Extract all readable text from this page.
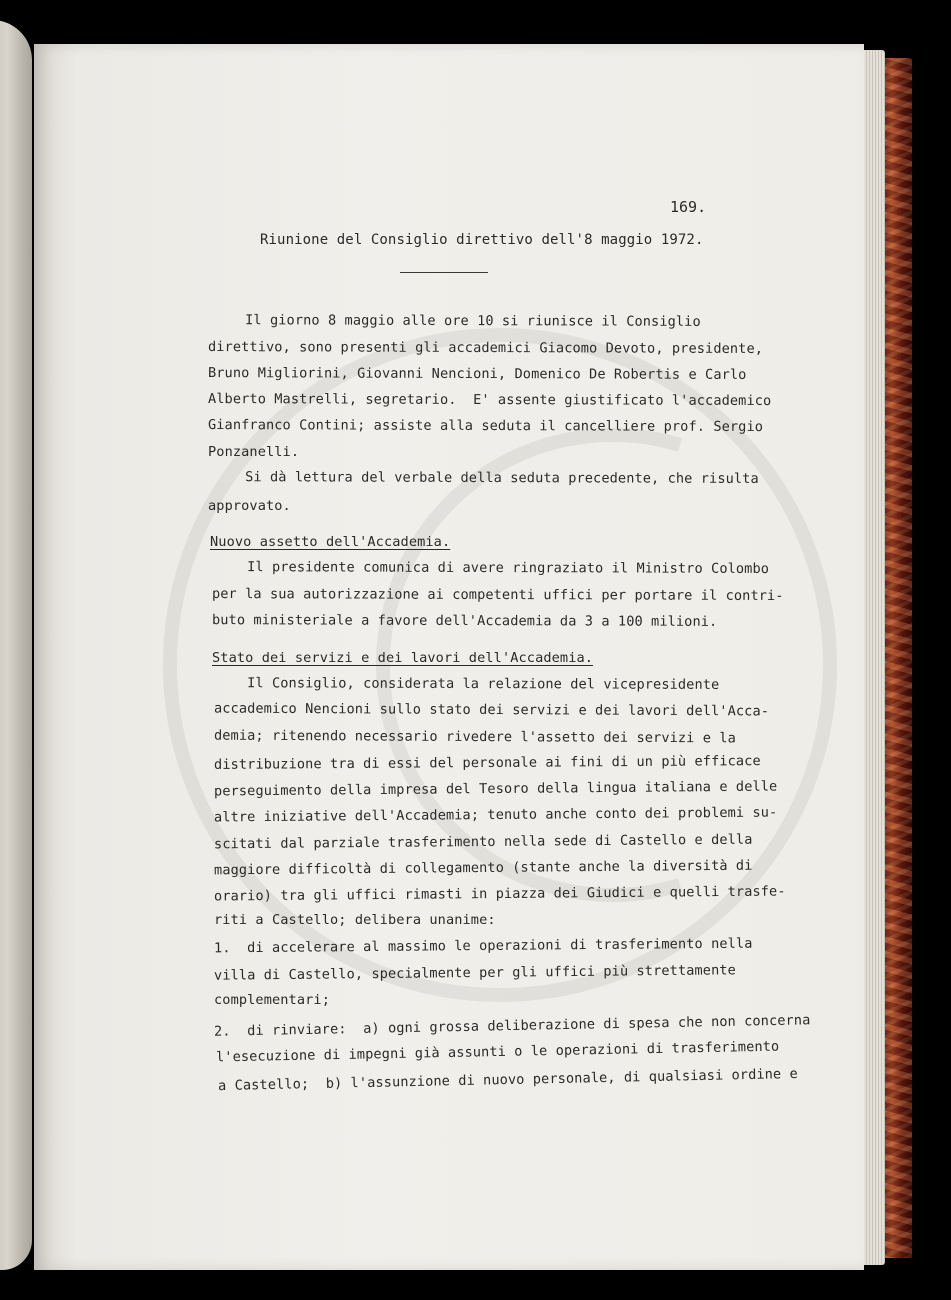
169.
Riunione del Consiglio direttivo dell'8 maggio 1972.
Il giorno 8 maggio alle ore 10 si riunisce il Consiglio
direttivo, sono presenti gli accademici Giacomo Devoto, presidente,
Bruno Migliorini, Giovanni Nencioni, Domenico De Robertis e Carlo
Alberto Mastrelli, segretario.  E' assente giustificato l'accademico
Gianfranco Contini; assiste alla seduta il cancelliere prof. Sergio
Ponzanelli.
Si dà lettura del verbale della seduta precedente, che risulta
approvato.
Nuovo assetto dell'Accademia.
Il presidente comunica di avere ringraziato il Ministro Colombo
per la sua autorizzazione ai competenti uffici per portare il contri-
buto ministeriale a favore dell'Accademia da 3 a 100 milioni.
Stato dei servizi e dei lavori dell'Accademia.
Il Consiglio, considerata la relazione del vicepresidente
accademico Nencioni sullo stato dei servizi e dei lavori dell'Acca-
demia; ritenendo necessario rivedere l'assetto dei servizi e la
distribuzione tra di essi del personale ai fini di un più efficace
perseguimento della impresa del Tesoro della lingua italiana e delle
altre iniziative dell'Accademia; tenuto anche conto dei problemi su-
scitati dal parziale trasferimento nella sede di Castello e della
maggiore difficoltà di collegamento (stante anche la diversità di
orario) tra gli uffici rimasti in piazza dei Giudici e quelli trasfe-
riti a Castello; delibera unanime:
1.  di accelerare al massimo le operazioni di trasferimento nella
villa di Castello, specialmente per gli uffici più strettamente
complementari;
2.  di rinviare:  a) ogni grossa deliberazione di spesa che non concerna
l'esecuzione di impegni già assunti o le operazioni di trasferimento
a Castello;  b) l'assunzione di nuovo personale, di qualsiasi ordine e
